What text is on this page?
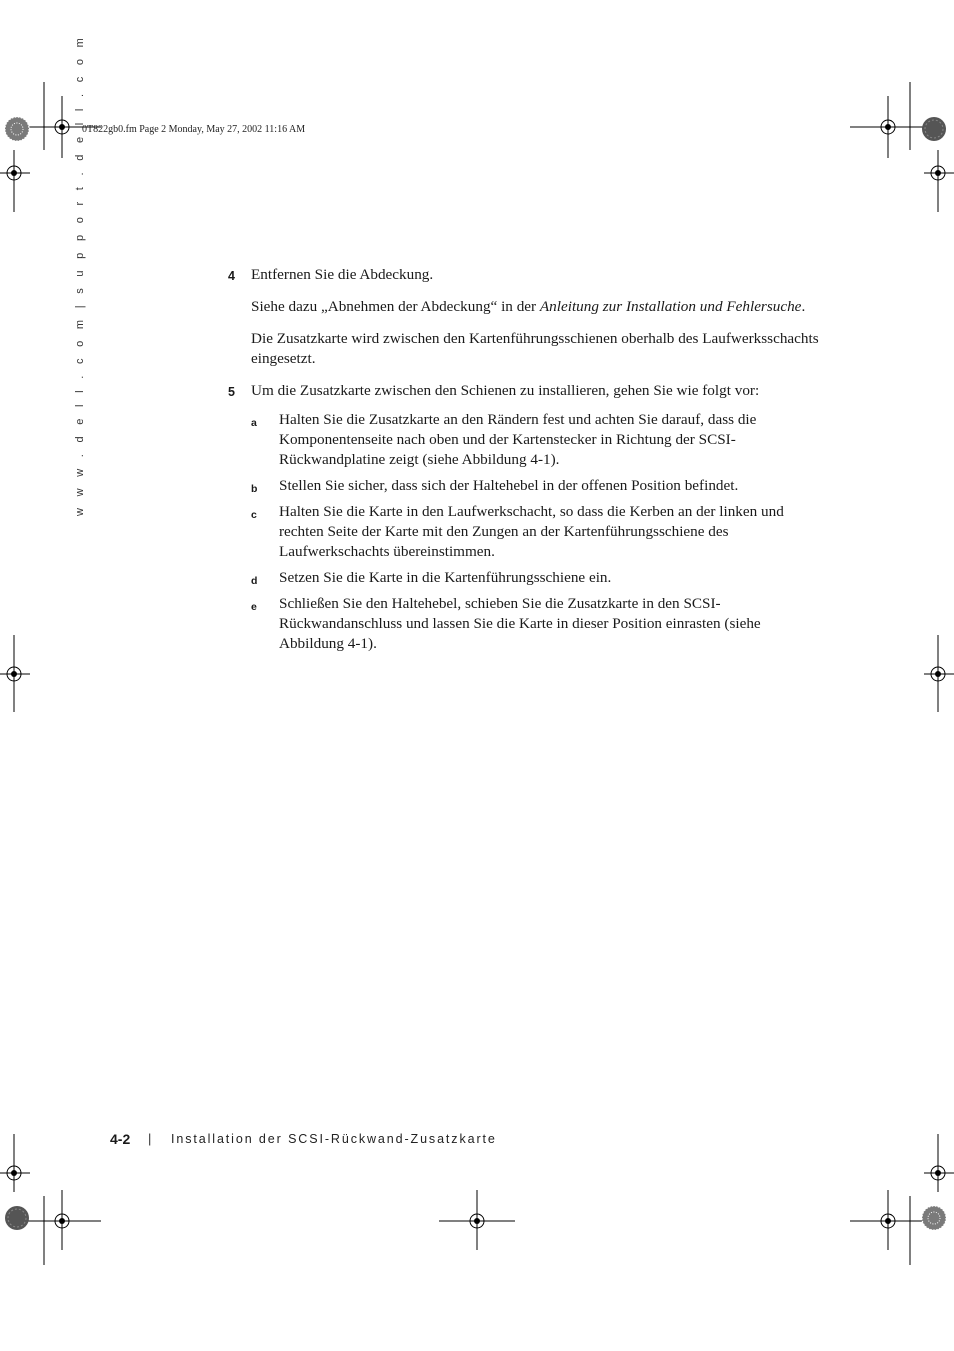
0T822gb0.fm Page 2 Monday, May 27, 2002 11:16 AM
w w w . d e l l . c o m | s u p p o r t . d e l l . c o m	4 Entfernen Sie die Abdeckung.

Siehe dazu „Abnehmen der Abdeckung“ in der Anleitung zur Installation und Fehlersuche.

Die Zusatzkarte wird zwischen den Kartenführungsschienen oberhalb des Laufwerksschachts eingesetzt.

5 Um die Zusatzkarte zwischen den Schienen zu installieren, gehen Sie wie folgt vor:

a Halten Sie die Zusatzkarte an den Rändern fest und achten Sie darauf, dass die Komponentenseite nach oben und der Kartenstecker in Richtung der SCSI-Rückwandplatine zeigt (siehe Abbildung 4-1).
b Stellen Sie sicher, dass sich der Haltehebel in der offenen Position befindet.
c Halten Sie die Karte in den Laufwerkschacht, so dass die Kerben an der linken und rechten Seite der Karte mit den Zungen an der Kartenführungsschiene des Laufwerkschachts übereinstimmen.
d Setzen Sie die Karte in die Kartenführungsschiene ein.
e Schließen Sie den Haltehebel, schieben Sie die Zusatzkarte in den SCSI-Rückwandanschluss und lassen Sie die Karte in dieser Position einrasten (siehe Abbildung 4-1).
4-2 | Installation der SCSI-Rückwand-Zusatzkarte
